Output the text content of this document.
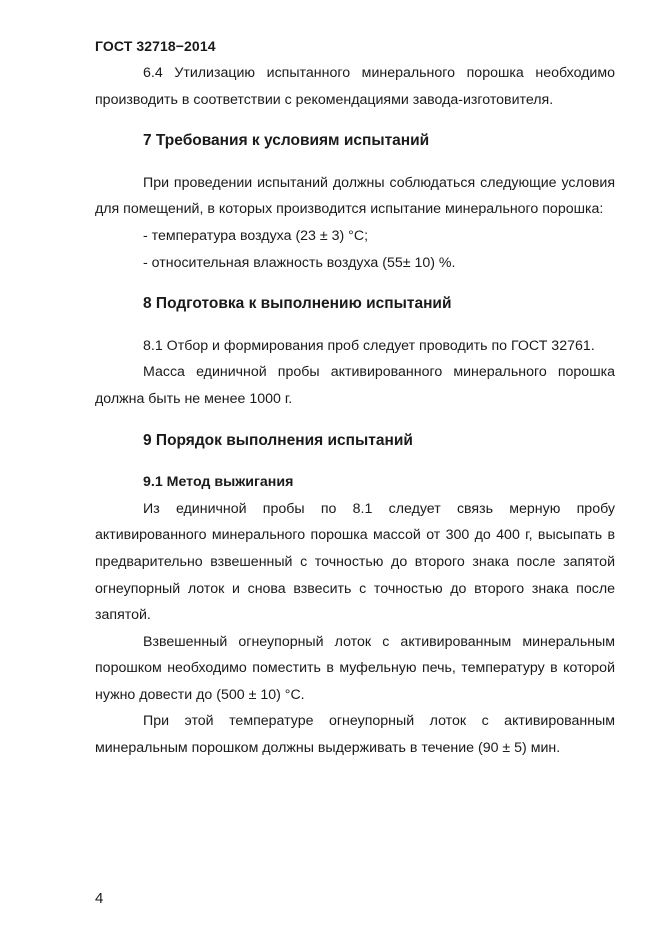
ГОСТ 32718−2014

6.4 Утилизацию испытанного минерального порошка необходимо производить в соответствии с рекомендациями завода-изготовителя.

7 Требования к условиям испытаний

При проведении испытаний должны соблюдаться следующие условия для помещений, в которых производится испытание минерального порошка:

- температура воздуха (23 ± 3) °C;

- относительная влажность воздуха (55± 10) %.

8 Подготовка к выполнению испытаний

8.1 Отбор и формирования проб следует проводить по ГОСТ 32761.

Масса единичной пробы активированного минерального порошка должна быть не менее 1000 г.

9 Порядок выполнения испытаний
9.1 Метод выжигания

Из единичной пробы по 8.1 следует связь мерную пробу активированного минерального порошка массой от 300 до 400 г, высыпать в предварительно взвешенный с точностью до второго знака после запятой огнеупорный лоток и снова взвесить с точностью до второго знака после запятой.

Взвешенный огнеупорный лоток с активированным минеральным порошком необходимо поместить в муфельную печь, температуру в которой нужно довести до (500 ± 10) °C.

При этой температуре огнеупорный лоток с активированным минеральным порошком должны выдерживать в течение (90 ± 5) мин.

4
